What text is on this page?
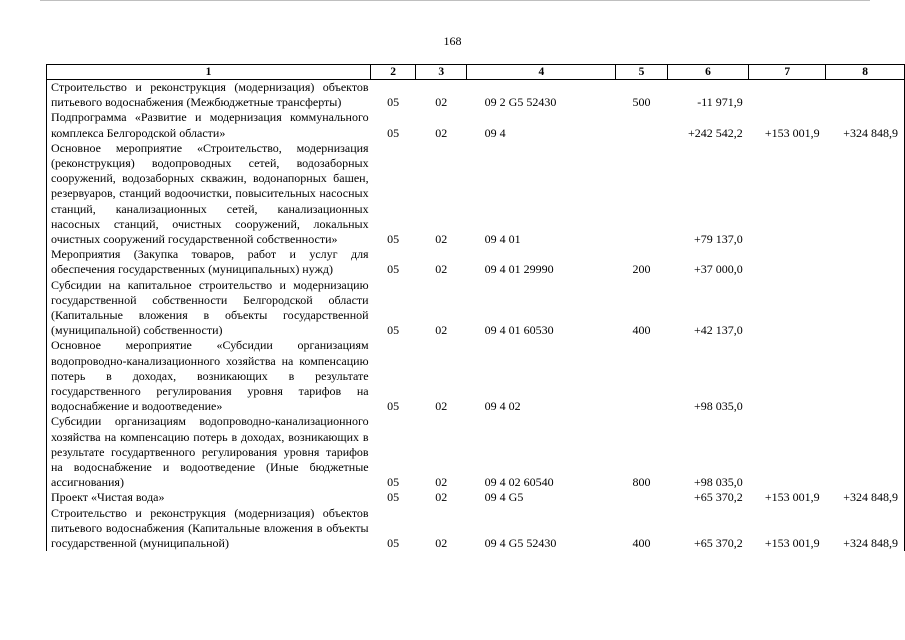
168
1	2	3	4	5	6	7	8
Строительство и реконструкция (модернизация) объектов питьевого водоснабжения (Межбюджетные трансферты)	05	02	09 2 G5 52430	500	-11 971,9		
Подпрограмма «Развитие и модернизация коммунального комплекса Белгородской области»	05	02	09 4		+242 542,2	+153 001,9	+324 848,9
Основное мероприятие «Строительство, модернизация (реконструкция) водопроводных сетей, водозаборных сооружений, водозаборных скважин, водонапорных башен, резервуаров, станций водоочистки, повысительных насосных станций, канализационных сетей, канализационных насосных станций, очистных сооружений, локальных очистных сооружений государственной собственности»	05	02	09 4 01		+79 137,0		
Мероприятия (Закупка товаров, работ и услуг для обеспечения государственных (муниципальных) нужд)	05	02	09 4 01 29990	200	+37 000,0		
Субсидии на капитальное строительство и модернизацию государственной собственности Белгородской области (Капитальные вложения в объекты государственной (муниципальной) собственности)	05	02	09 4 01 60530	400	+42 137,0		
Основное мероприятие «Субсидии организациям водопроводно-канализационного хозяйства на компенсацию потерь в доходах, возникающих в результате государственного регулирования уровня тарифов на водоснабжение и водоотведение»	05	02	09 4 02		+98 035,0		
Субсидии организациям водопроводно-канализационного хозяйства на компенсацию потерь в доходах, возникающих в результате государтвенного регулирования уровня тарифов на водоснабжение и водоотведение (Иные бюджетные ассигнования)	05	02	09 4 02 60540	800	+98 035,0		
Проект «Чистая вода»	05	02	09 4 G5		+65 370,2	+153 001,9	+324 848,9
Строительство и реконструкция (модернизация) объектов питьевого водоснабжения (Капитальные вложения в объекты государственной (муниципальной)	05	02	09 4 G5 52430	400	+65 370,2	+153 001,9	+324 848,9
